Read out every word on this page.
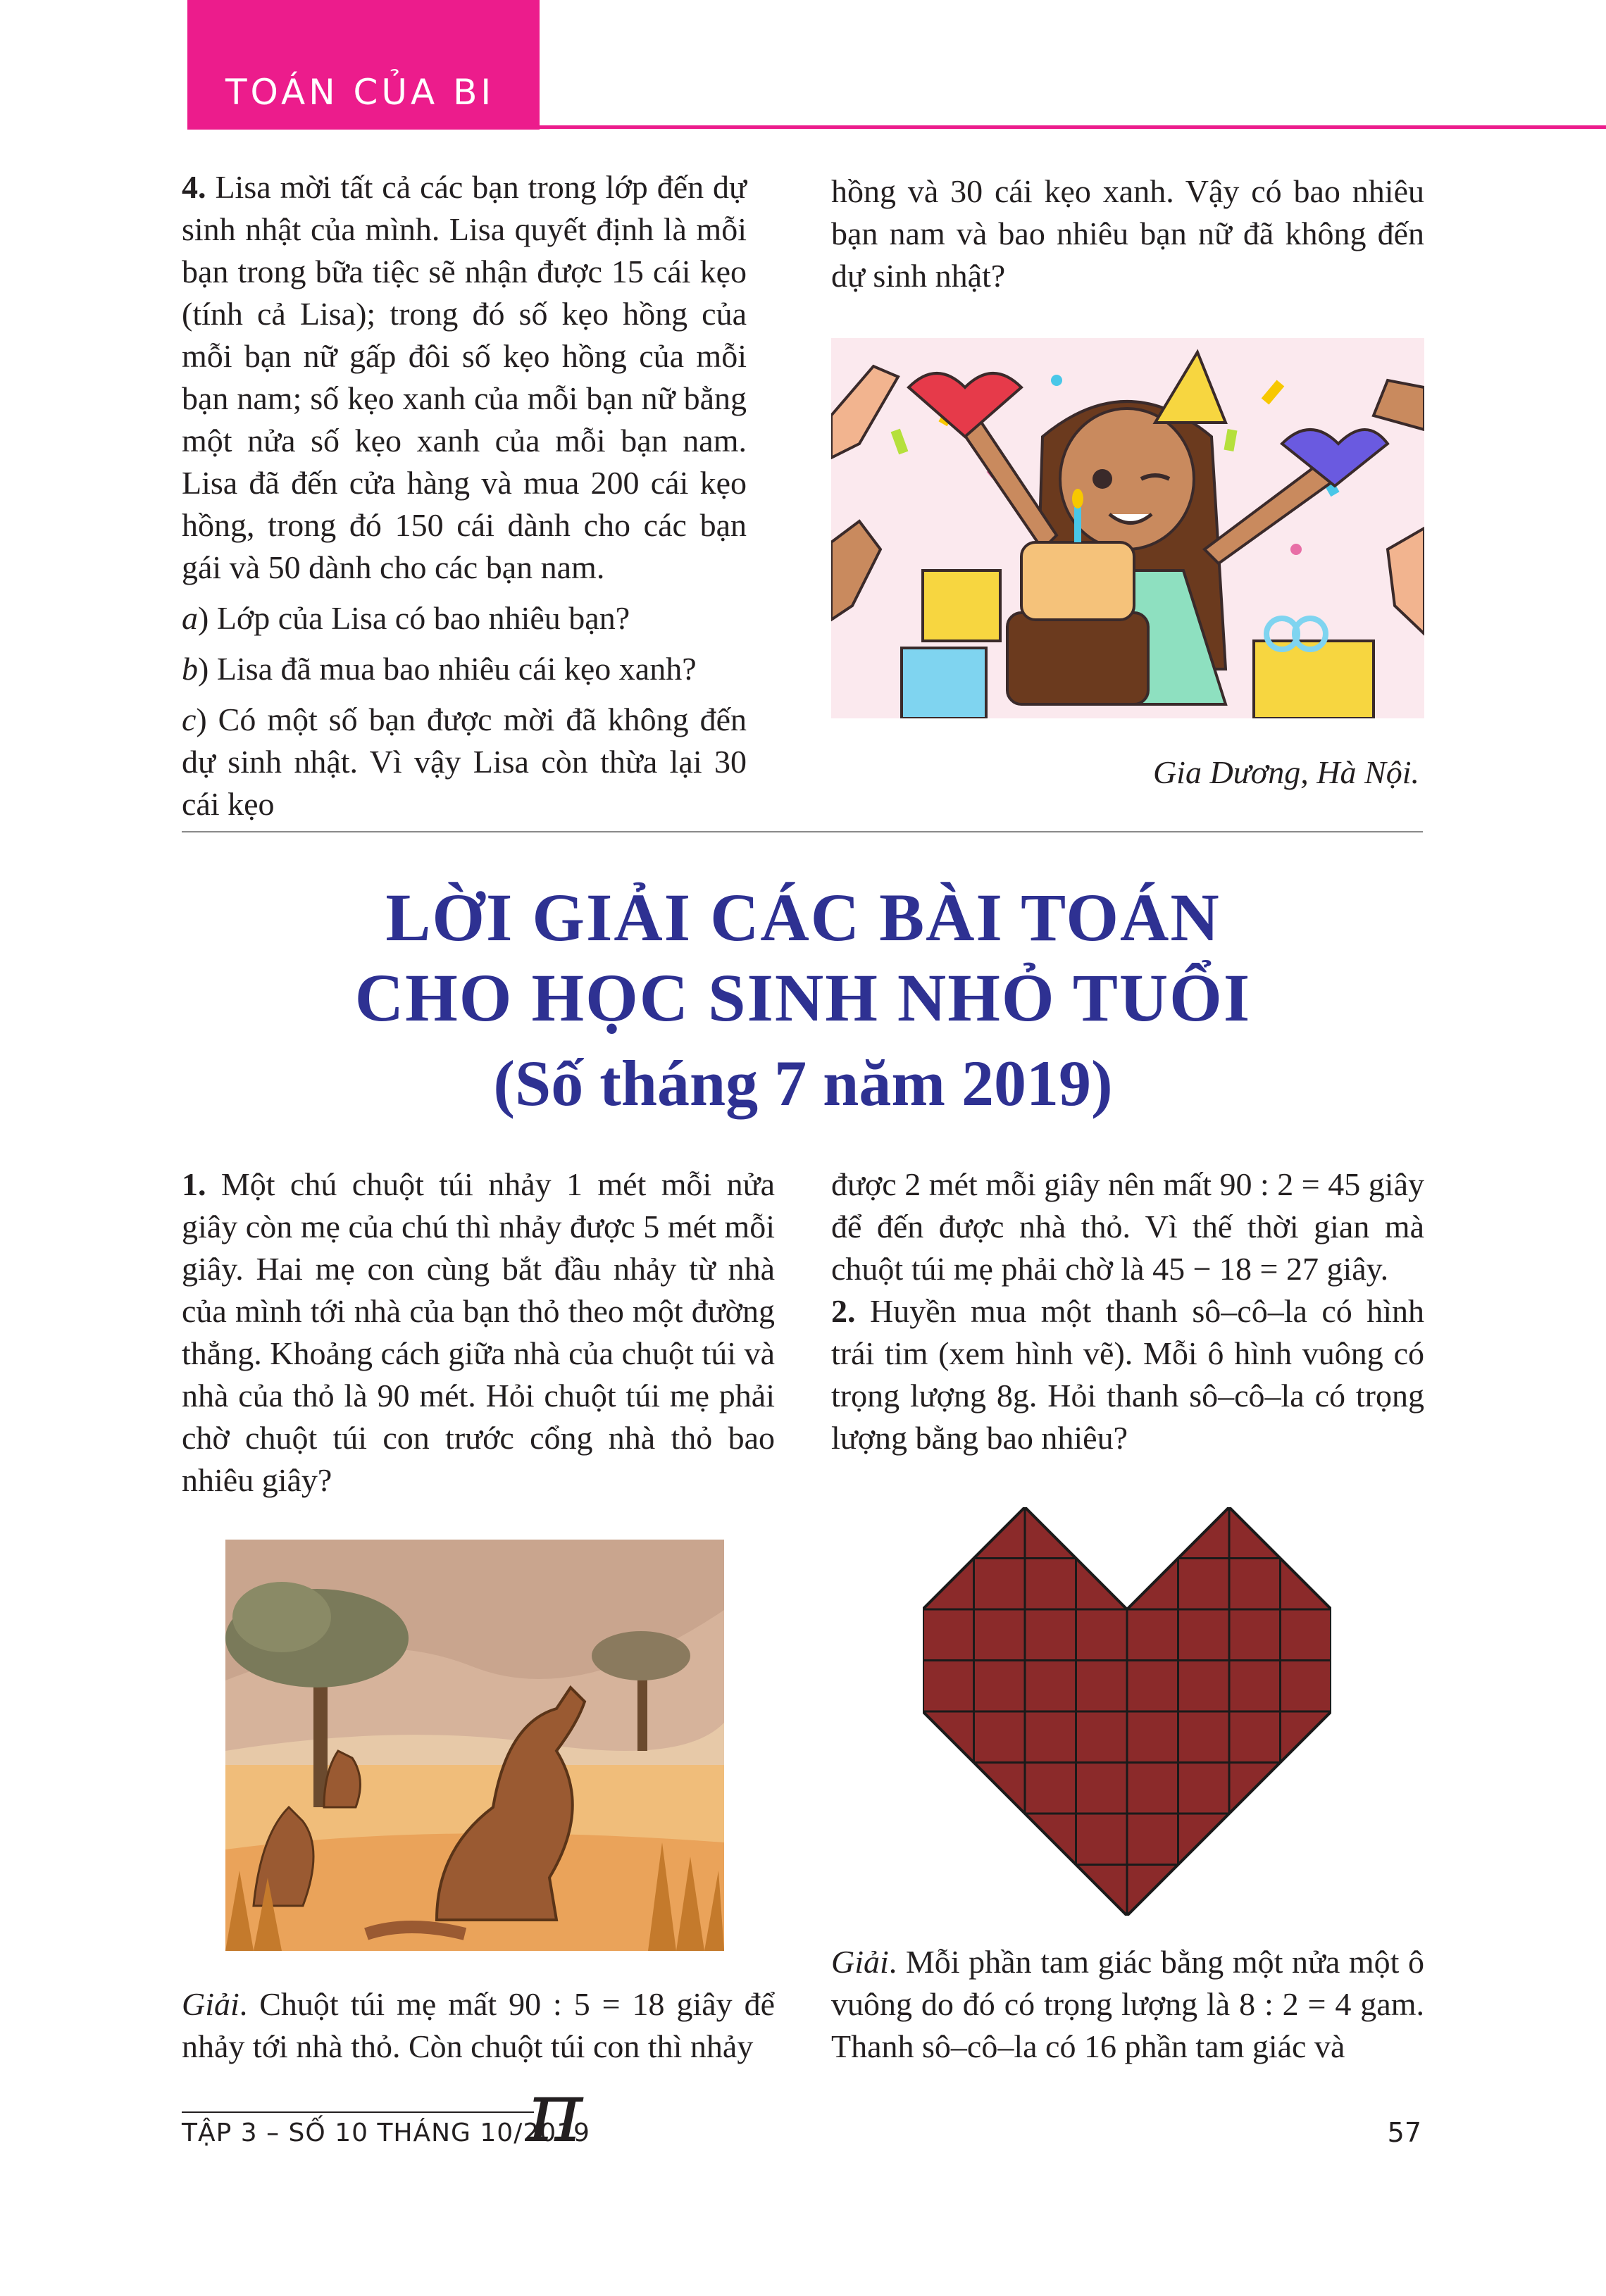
TOÁN CỦA BI

4. Lisa mời tất cả các bạn trong lớp đến dự sinh nhật của mình. Lisa quyết định là mỗi bạn trong bữa tiệc sẽ nhận được 15 cái kẹo (tính cả Lisa); trong đó số kẹo hồng của mỗi bạn nữ gấp đôi số kẹo hồng của mỗi bạn nam; số kẹo xanh của mỗi bạn nữ bằng một nửa số kẹo xanh của mỗi bạn nam. Lisa đã đến cửa hàng và mua 200 cái kẹo hồng, trong đó 150 cái dành cho các bạn gái và 50 dành cho các bạn nam.

a) Lớp của Lisa có bao nhiêu bạn?

b) Lisa đã mua bao nhiêu cái kẹo xanh?

c) Có một số bạn được mời đã không đến dự sinh nhật. Vì vậy Lisa còn thừa lại 30 cái kẹo

hồng và 30 cái kẹo xanh. Vậy có bao nhiêu bạn nam và bao nhiêu bạn nữ đã không đến dự sinh nhật?

Gia Dương, Hà Nội.
LỜI GIẢI CÁC BÀI TOÁN
CHO HỌC SINH NHỎ TUỔI
(Số tháng 7 năm 2019)

1. Một chú chuột túi nhảy 1 mét mỗi nửa giây còn mẹ của chú thì nhảy được 5 mét mỗi giây. Hai mẹ con cùng bắt đầu nhảy từ nhà của mình tới nhà của bạn thỏ theo một đường thẳng. Khoảng cách giữa nhà của chuột túi và nhà của thỏ là 90 mét. Hỏi chuột túi mẹ phải chờ chuột túi con trước cổng nhà thỏ bao nhiêu giây?

Giải. Chuột túi mẹ mất 90 : 5 = 18 giây để nhảy tới nhà thỏ. Còn chuột túi con thì nhảy

được 2 mét mỗi giây nên mất 90 : 2 = 45 giây để đến được nhà thỏ. Vì thế thời gian mà chuột túi mẹ phải chờ là 45 − 18 = 27 giây.

2. Huyền mua một thanh sô–cô–la có hình trái tim (xem hình vẽ). Mỗi ô hình vuông có trọng lượng 8g. Hỏi thanh sô–cô–la có trọng lượng bằng bao nhiêu?

Giải. Mỗi phần tam giác bằng một nửa một ô vuông do đó có trọng lượng là 8 : 2 = 4 gam. Thanh sô–cô–la có 16 phần tam giác và

TẬP 3 – SỐ 10 THÁNG 10/2019
π	57
